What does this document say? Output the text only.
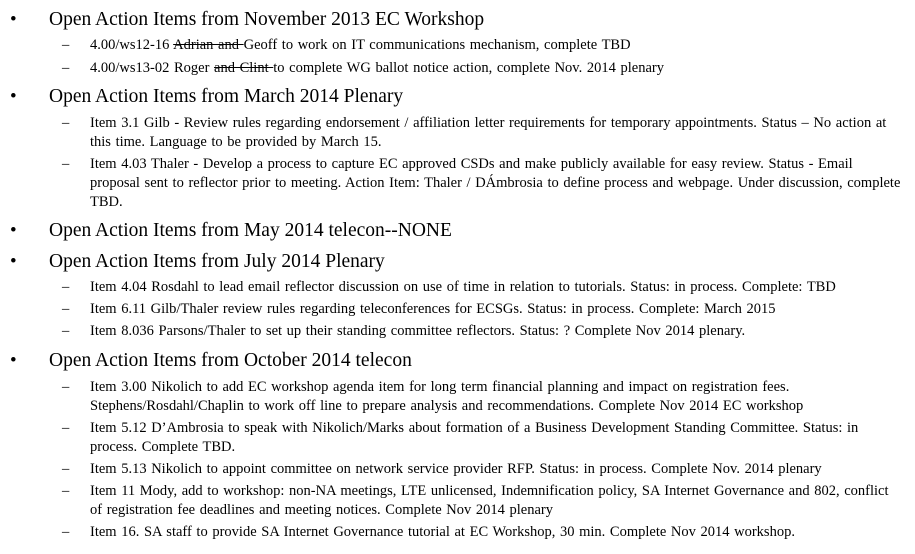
• Open Action Items from November 2013 EC Workshop
– 4.00/ws12-16 Adrian and Geoff to work on IT communications mechanism, complete TBD
– 4.00/ws13-02 Roger and Clint to complete WG ballot notice action, complete Nov. 2014 plenary
• Open Action Items from March 2014 Plenary
– Item 3.1 Gilb - Review rules regarding endorsement / affiliation letter requirements for temporary appointments. Status – No action at this time. Language to be provided by March 15.
– Item 4.03 Thaler - Develop a process to capture EC approved CSDs and make publicly available for easy review. Status - Email proposal sent to reflector prior to meeting. Action Item: Thaler / DÁmbrosia to define process and webpage. Under discussion, complete TBD.
• Open Action Items from May 2014 telecon--NONE
• Open Action Items from July 2014 Plenary
– Item 4.04 Rosdahl to lead email reflector discussion on use of time in relation to tutorials. Status: in process. Complete: TBD
– Item 6.11 Gilb/Thaler review rules regarding teleconferences for ECSGs. Status: in process. Complete: March 2015
– Item 8.036 Parsons/Thaler to set up their standing committee reflectors. Status: ? Complete Nov 2014 plenary.
• Open Action Items from October 2014 telecon
– Item 3.00 Nikolich to add EC workshop agenda item for long term financial planning and impact on registration fees. Stephens/Rosdahl/Chaplin to work off line to prepare analysis and recommendations. Complete Nov 2014 EC workshop
– Item 5.12 D’Ambrosia to speak with Nikolich/Marks about formation of a Business Development Standing Committee. Status: in process. Complete TBD.
– Item 5.13 Nikolich to appoint committee on network service provider RFP. Status: in process. Complete Nov. 2014 plenary
– Item 11 Mody, add to workshop: non-NA meetings, LTE unlicensed, Indemnification policy, SA Internet Governance and 802, conflict of registration fee deadlines and meeting notices. Complete Nov 2014 plenary
– Item 16. SA staff to provide SA Internet Governance tutorial at EC Workshop, 30 min. Complete Nov 2014 workshop.
